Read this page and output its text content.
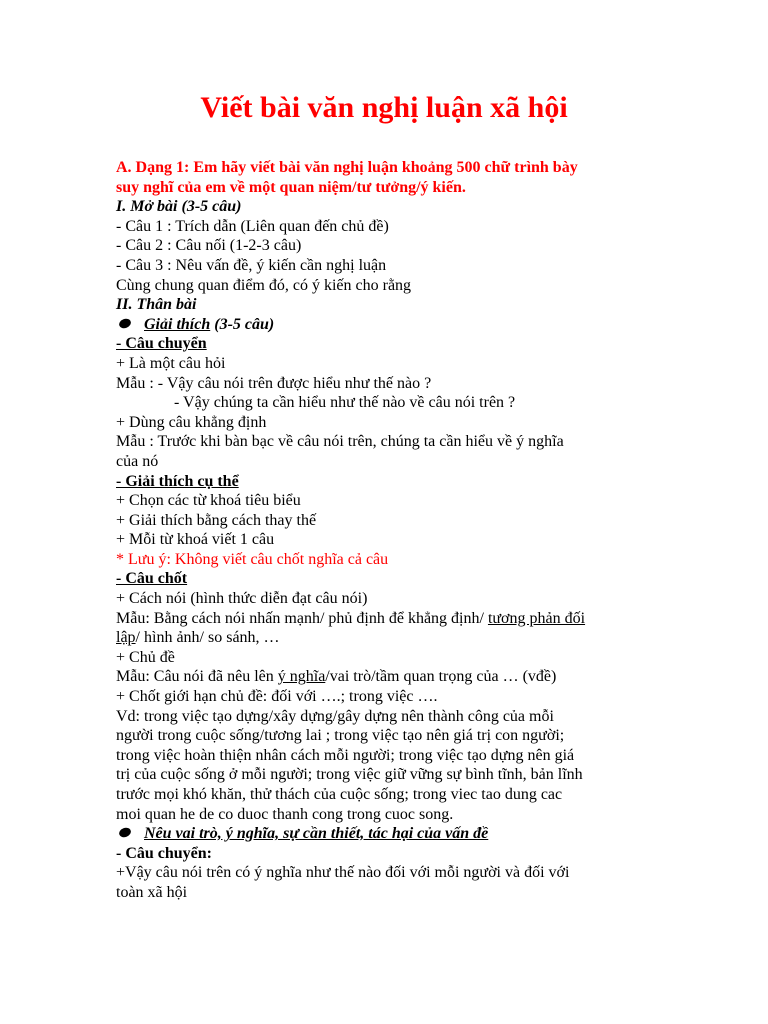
Viết bài văn nghị luận xã hội
A. Dạng 1: Em hãy viết bài văn nghị luận khoảng 500 chữ trình bày
suy nghĩ của em về một quan niệm/tư tưởng/ý kiến.
I. Mở bài (3-5 câu)
- Câu 1 : Trích dẫn (Liên quan đến chủ đề)
- Câu 2 : Câu nối (1-2-3 câu)
- Câu 3 : Nêu vấn đề, ý kiến cần nghị luận
Cùng chung quan điểm đó, có ý kiến cho rằng
II. Thân bài
Giải thích (3-5 câu)
- Câu chuyển
+ Là một câu hỏi
Mẫu : - Vậy câu nói trên được hiểu như thế nào ?
- Vậy chúng ta cần hiểu như thế nào về câu nói trên ?
+ Dùng câu khẳng định
Mẫu : Trước khi bàn bạc về câu nói trên, chúng ta cần hiểu về ý nghĩa
của nó
- Giải thích cụ thể
+ Chọn các từ khoá tiêu biểu
+ Giải thích bằng cách thay thế
+ Mỗi từ khoá viết 1 câu
* Lưu ý: Không viết câu chốt nghĩa cả câu
- Câu chốt
+ Cách nói (hình thức diễn đạt câu nói)
Mẫu: Bằng cách nói nhấn mạnh/ phủ định để khẳng định/ tương phản đối
lập/ hình ảnh/ so sánh, …
+ Chủ đề
Mẫu: Câu nói đã nêu lên ý nghĩa/vai trò/tầm quan trọng của … (vđề)
+ Chốt giới hạn chủ đề: đối với ….; trong việc ….
Vd: trong việc tạo dựng/xây dựng/gây dựng nên thành công của mỗi
người trong cuộc sống/tương lai ; trong việc tạo nên giá trị con người;
trong việc hoàn thiện nhân cách mỗi người; trong việc tạo dựng nên giá
trị của cuộc sống ở mỗi người; trong việc giữ vững sự bình tĩnh, bản lĩnh
trước mọi khó khăn, thử thách của cuộc sống; trong viec tao dung cac
moi quan he de co duoc thanh cong trong cuoc song.
Nêu vai trò, ý nghĩa, sự cần thiết, tác hại của vấn đề
- Câu chuyển:
+Vậy câu nói trên có ý nghĩa như thế nào đối với mỗi người và đối với
toàn xã hội
